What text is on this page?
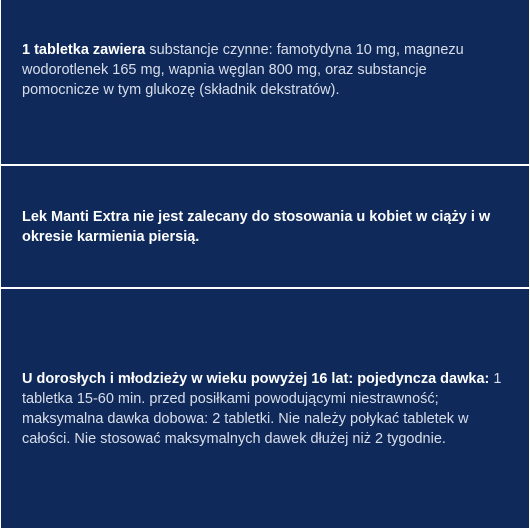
1 tabletka zawiera substancje czynne: famotydyna 10 mg, magnezu wodorotlenek 165 mg, wapnia węglan 800 mg, oraz substancje pomocnicze w tym glukozę (składnik dekstratów).
Lek Manti Extra nie jest zalecany do stosowania u kobiet w ciąży i w okresie karmienia piersią.
U dorosłych i młodzieży w wieku powyżej 16 lat: pojedyncza dawka: 1 tabletka 15-60 min. przed posiłkami powodującymi niestrawność; maksymalna dawka dobowa: 2 tabletki. Nie należy połykać tabletek w całości. Nie stosować maksymalnych dawek dłużej niż 2 tygodnie.
